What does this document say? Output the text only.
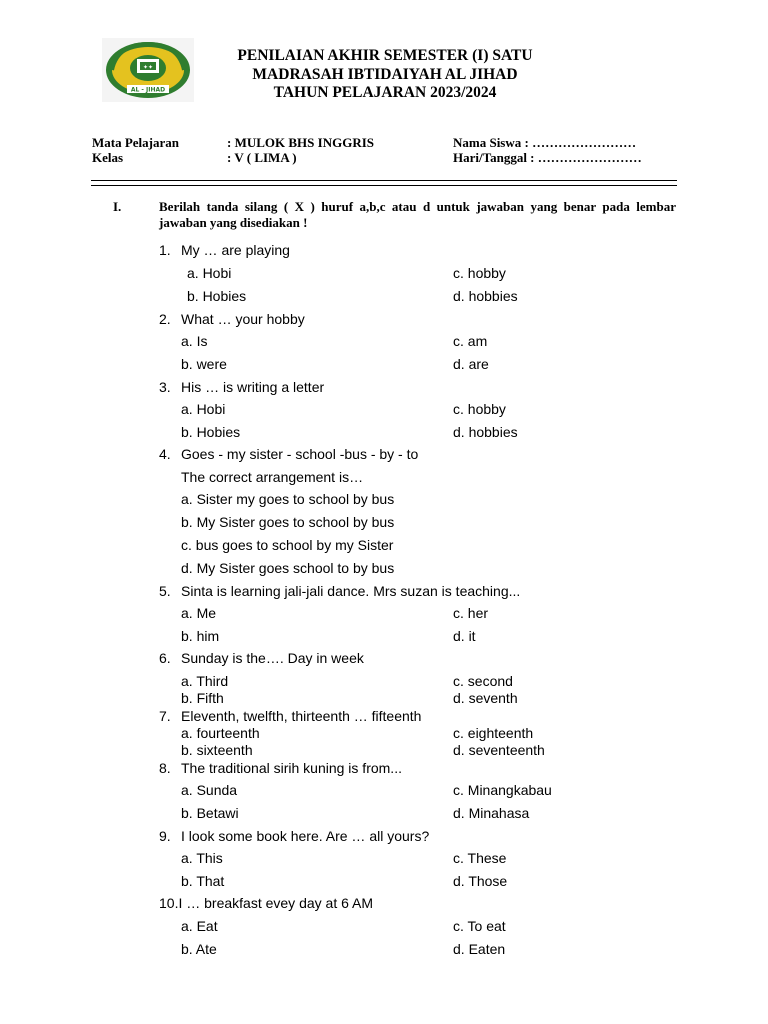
✦✦
AL - JIHAD
PENILAIAN AKHIR SEMESTER (I) SATU
MADRASAH IBTIDAIYAH AL JIHAD
TAHUN PELAJARAN 2023/2024
Mata Pelajaran	: MULOK BHS INGGRIS	Nama Siswa : ……………………
Kelas	: V ( LIMA )	Hari/Tanggal : ……………………
I.	Berilah tanda silang ( X ) huruf a,b,c atau d untuk jawaban yang benar pada lembar jawaban yang disediakan !
1. My … are playing
a. Hobi
b. Hobies
c. hobby
d. hobbies
2. What … your hobby
a. Is
b. were
c. am
d. are
3. His … is writing a letter
a. Hobi
b. Hobies
c. hobby
d. hobbies
4. Goes - my sister - school -bus - by - to
The correct arrangement is…
a. Sister my goes to school by bus
b. My Sister goes to school by bus
c. bus goes to school by my Sister
d. My Sister goes school to by bus
5. Sinta is learning jali-jali dance. Mrs suzan is teaching...
a. Me
b. him
c. her
d. it
6. Sunday is the…. Day in week
a. Third
b. Fifth
c. second
d. seventh
7. Eleventh, twelfth, thirteenth … fifteenth
a. fourteenth
b. sixteenth
c. eighteenth
d. seventeenth
8. The traditional sirih kuning is from...
a. Sunda
b. Betawi
c. Minangkabau
d. Minahasa
9. I look some book here. Are … all yours?
a. This
b. That
c. These
d. Those
10.I … breakfast evey day at 6 AM
a. Eat
b. Ate
c. To eat
d. Eaten
